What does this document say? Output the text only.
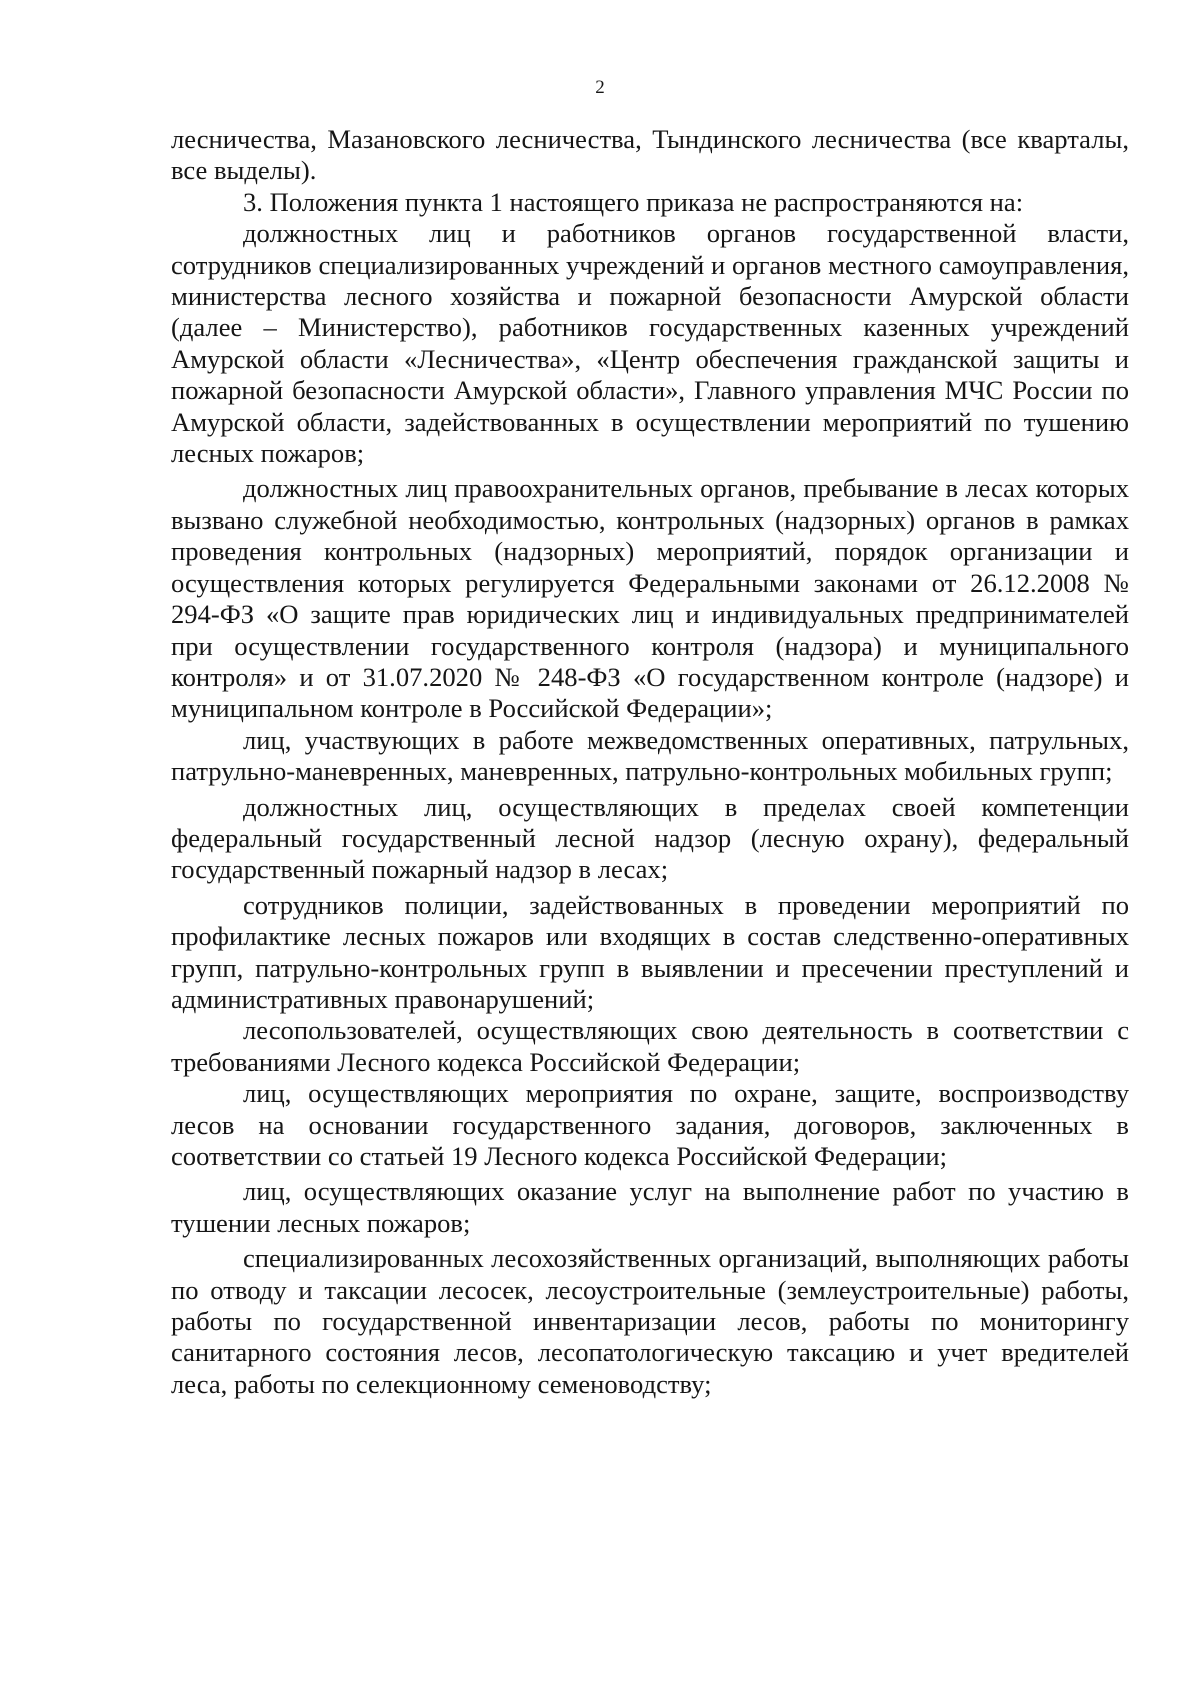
2

лесничества, Мазановского лесничества, Тындинского лесничества (все кварталы, все выделы).

3. Положения пункта 1 настоящего приказа не распространяются на:

должностных лиц и работников органов государственной власти, сотрудников специализированных учреждений и органов местного самоуправления, министерства лесного хозяйства и пожарной безопасности Амурской области (далее – Министерство), работников государственных казенных учреждений Амурской области «Лесничества», «Центр обеспечения гражданской защиты и пожарной безопасности Амурской области», Главного управления МЧС России по Амурской области, задействованных в осуществлении мероприятий по тушению лесных пожаров;

должностных лиц правоохранительных органов, пребывание в лесах которых вызвано служебной необходимостью, контрольных (надзорных) органов в рамках проведения контрольных (надзорных) мероприятий, порядок организации и осуществления которых регулируется Федеральными законами от 26.12.2008 № 294-ФЗ «О защите прав юридических лиц и индивидуальных предпринимателей при осуществлении государственного контроля (надзора) и муниципального контроля» и от 31.07.2020 № 248-ФЗ «О государственном контроле (надзоре) и муниципальном контроле в Российской Федерации»;

лиц, участвующих в работе межведомственных оперативных, патрульных, патрульно-маневренных, маневренных, патрульно-контрольных мобильных групп;

должностных лиц, осуществляющих в пределах своей компетенции федеральный государственный лесной надзор (лесную охрану), федеральный государственный пожарный надзор в лесах;

сотрудников полиции, задействованных в проведении мероприятий по профилактике лесных пожаров или входящих в состав следственно-оперативных групп, патрульно-контрольных групп в выявлении и пресечении преступлений и административных правонарушений;

лесопользователей, осуществляющих свою деятельность в соответствии с требованиями Лесного кодекса Российской Федерации;

лиц, осуществляющих мероприятия по охране, защите, воспроизводству лесов на основании государственного задания, договоров, заключенных в соответствии со статьей 19 Лесного кодекса Российской Федерации;

лиц, осуществляющих оказание услуг на выполнение работ по участию в тушении лесных пожаров;

специализированных лесохозяйственных организаций, выполняющих работы по отводу и таксации лесосек, лесоустроительные (землеустроительные) работы, работы по государственной инвентаризации лесов, работы по мониторингу санитарного состояния лесов, лесопатологическую таксацию и учет вредителей леса, работы по селекционному семеноводству;
